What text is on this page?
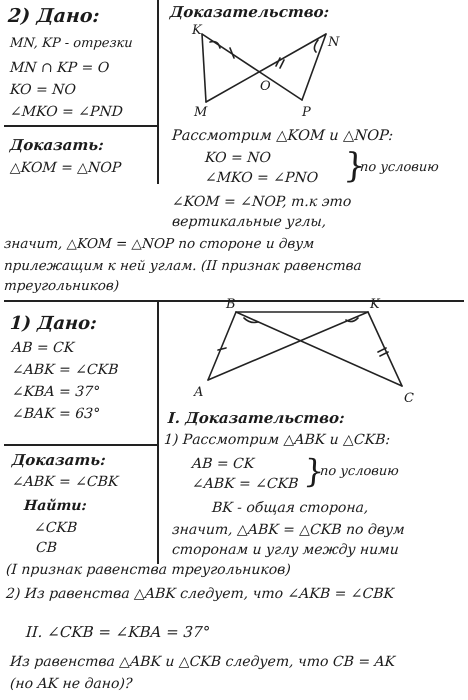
2) Дано:
MN, KP - отрезки
MN ∩ KP = O
KO = NO
∠MKO = ∠PND
Доказать:
△KOM = △NOP
Доказательство:
K
N
O
M	P
Рассмотрим △KOM и △NOP:
KO = NO
∠MKO = ∠PNO }
по условию
∠KOM = ∠NOP, т.к это
вертикальные углы,
значит, △KOM = △NOP по стороне и двум
прилежащим к ней углам. (II признак равенства
треугольников)
1) Дано:
AB = CK
∠ABK = ∠CKB
∠KBA = 37°
∠BAK = 63°
B	K
A	C
I. Доказательство:
1) Рассмотрим △ABK и △CKB:
AB = CK
∠ABK = ∠CKB }
по условию
BK - общая сторона,
значит, △ABK = △CKB по двум
сторонам и углу между ними
Доказать:
∠ABK = ∠CBK
Найти:
∠CKB
CB
(I признак равенства треугольников)
2) Из равенства △ABK следует, что ∠AKB = ∠CBK
II. ∠CKB = ∠KBA = 37°
Из равенства △ABK и △CKB следует, что CB = AK
(но AK не дано)?
